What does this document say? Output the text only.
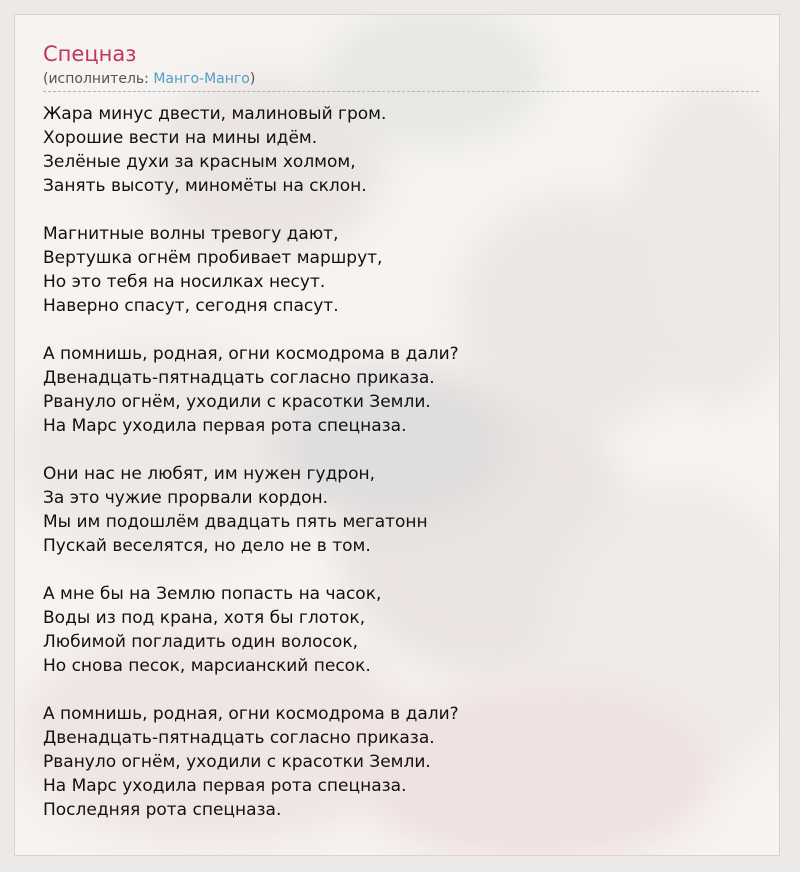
Спецназ
(исполнитель: Манго-Манго)
Жара минус двести, малиновый гром.
Хорошие вести на мины идём.
Зелёные духи за красным холмом,
Занять высоту, миномёты на склон.
Магнитные волны тревогу дают,
Вертушка огнём пробивает маршрут,
Но это тебя на носилках несут.
Наверно спасут, сегодня спасут.
А помнишь, родная, огни космодрома в дали?
Двенадцать-пятнадцать согласно приказа.
Рвануло огнём, уходили с красотки Земли.
На Марс уходила первая рота спецназа.
Они нас не любят, им нужен гудрон,
За это чужие прорвали кордон.
Мы им подошлём двадцать пять мегатонн
Пускай веселятся, но дело не в том.
А мне бы на Землю попасть на часок,
Воды из под крана, хотя бы глоток,
Любимой погладить один волосок,
Но снова песок, марсианский песок.
А помнишь, родная, огни космодрома в дали?
Двенадцать-пятнадцать согласно приказа.
Рвануло огнём, уходили с красотки Земли.
На Марс уходила первая рота спецназа.
Последняя рота спецназа.
